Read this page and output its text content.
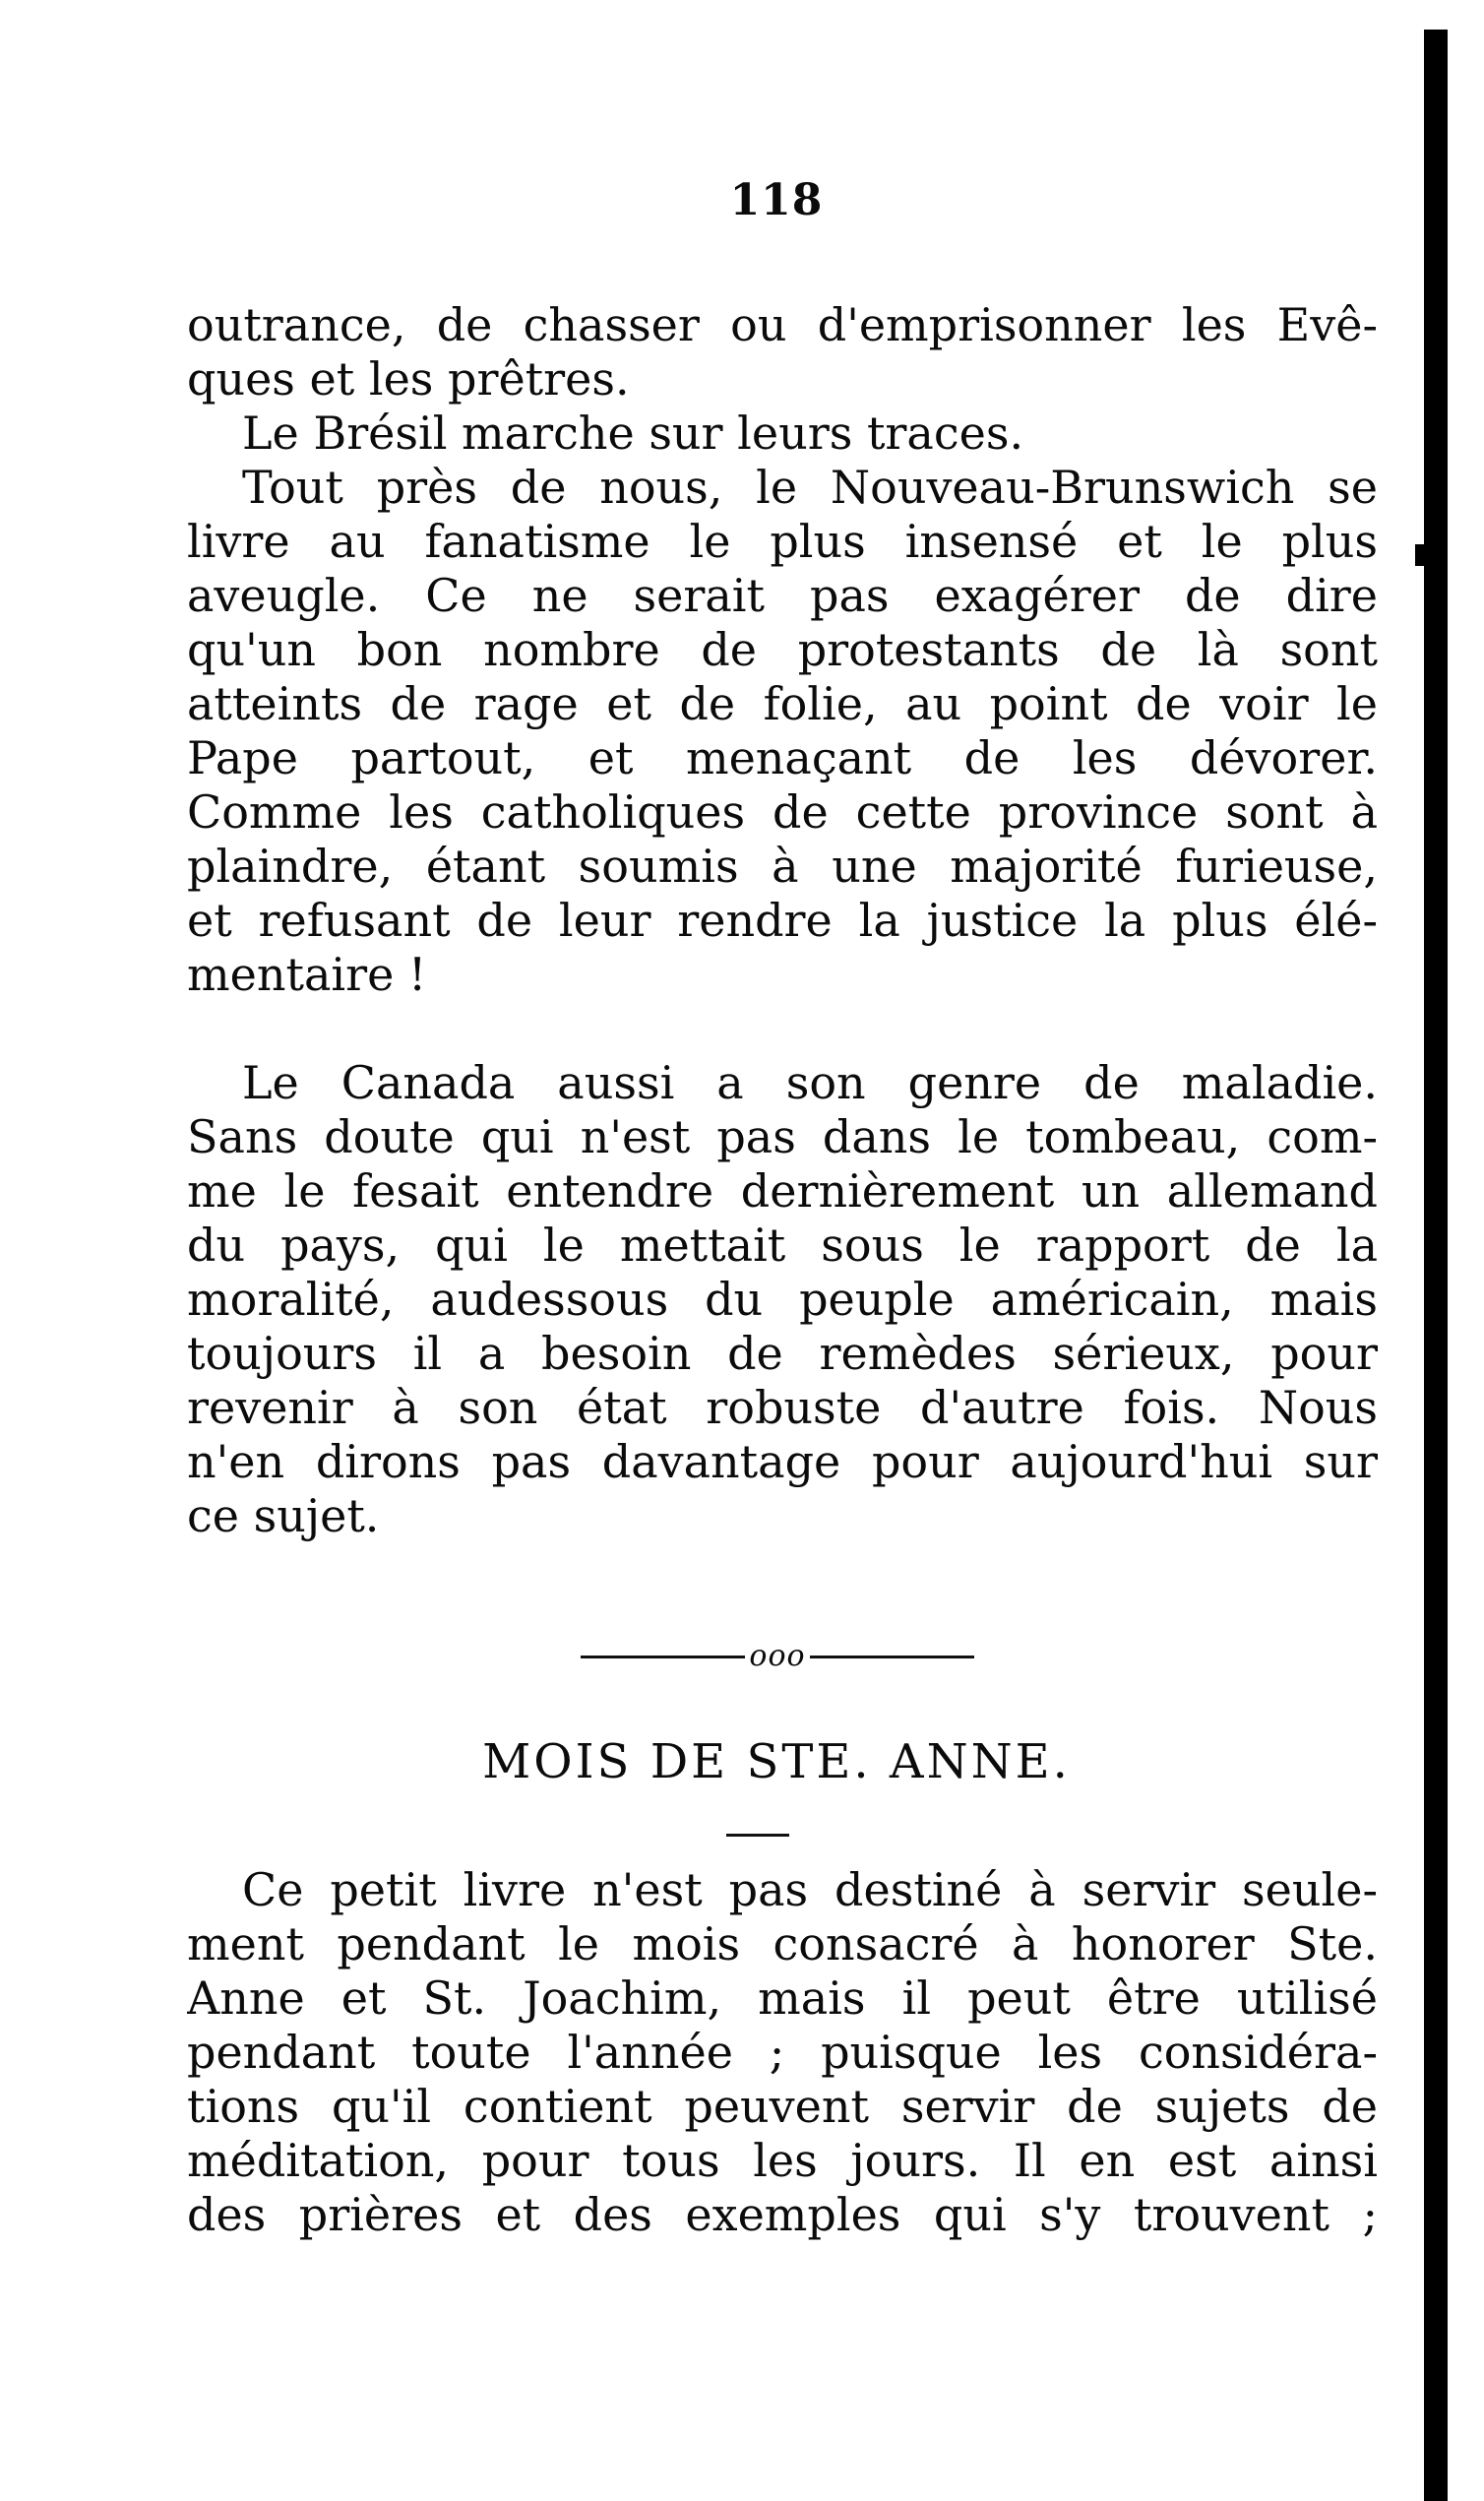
118
outrance, de chasser ou d'emprisonner les Evê-
ques et les prêtres.
Le Brésil marche sur leurs traces.
Tout près de nous, le Nouveau-Brunswich se
livre au fanatisme le plus insensé et le plus
aveugle. Ce ne serait pas exagérer de dire
qu'un bon nombre de protestants de là sont
atteints de rage et de folie, au point de voir le
Pape partout, et menaçant de les dévorer.
Comme les catholiques de cette province sont à
plaindre, étant soumis à une majorité furieuse,
et refusant de leur rendre la justice la plus élé-
mentaire !
Le Canada aussi a son genre de maladie.
Sans doute qui n'est pas dans le tombeau, com-
me le fesait entendre dernièrement un allemand
du pays, qui le mettait sous le rapport de la
moralité, audessous du peuple américain, mais
toujours il a besoin de remèdes sérieux, pour
revenir à son état robuste d'autre fois. Nous
n'en dirons pas davantage pour aujourd'hui sur
ce sujet.
ooo
MOIS DE STE. ANNE.
Ce petit livre n'est pas destiné à servir seule-
ment pendant le mois consacré à honorer Ste.
Anne et St. Joachim, mais il peut être utilisé
pendant toute l'année ; puisque les considéra-
tions qu'il contient peuvent servir de sujets de
méditation, pour tous les jours. Il en est ainsi
des prières et des exemples qui s'y trouvent ;
